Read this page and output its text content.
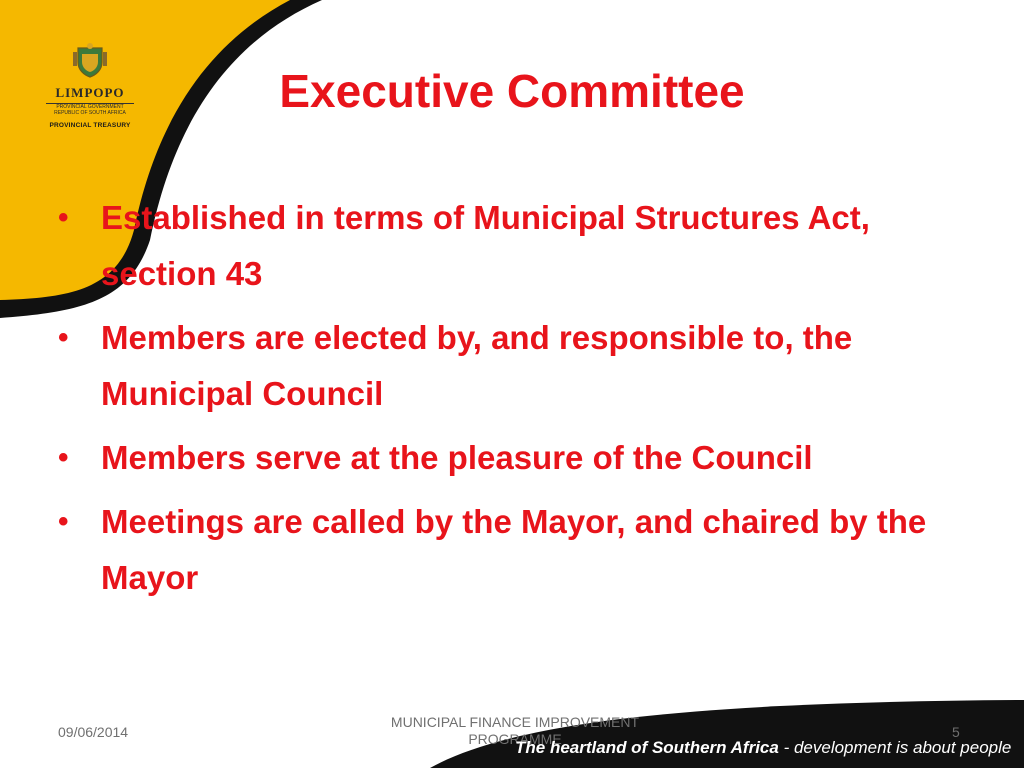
LIMPOPO
PROVINCIAL GOVERNMENT
REPUBLIC OF SOUTH AFRICA
PROVINCIAL TREASURY
Executive Committee
• Established in terms of Municipal Structures Act, section 43
• Members are elected by, and responsible to, the Municipal Council
• Members serve at the pleasure of the Council
• Meetings are called by the Mayor, and chaired by the Mayor
09/06/2014
MUNICIPAL FINANCE IMPROVEMENT PROGRAMME	5
The heartland of Southern Africa - development is about people
